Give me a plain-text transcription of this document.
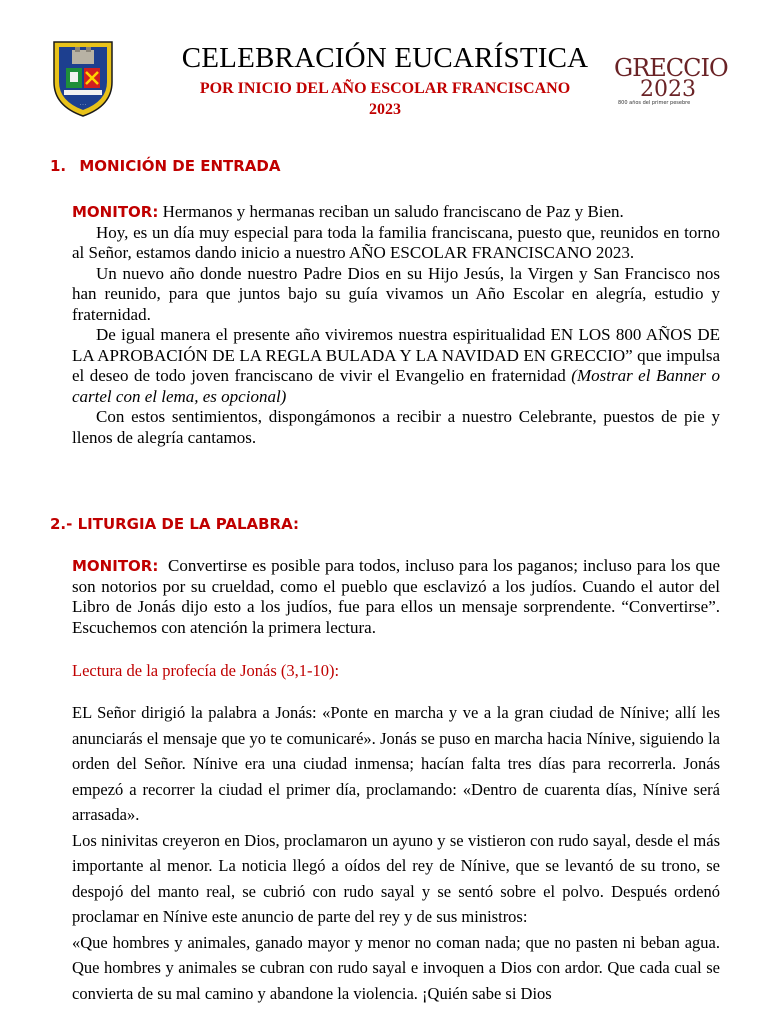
· · ·
CELEBRACIÓN EUCARÍSTICA
POR INICIO DEL AÑO ESCOLAR FRANCISCANO
2023
GRECCIO
2023
800 años del primer pesebre
1. MONICIÓN DE ENTRADA

MONITOR: Hermanos y hermanas reciban un saludo franciscano de Paz y Bien.

Hoy, es un día muy especial para toda la familia franciscana, puesto que, reunidos en torno al Señor, estamos dando inicio a nuestro AÑO ESCOLAR FRANCISCANO 2023.

Un nuevo año donde nuestro Padre Dios en su Hijo Jesús, la Virgen y San Francisco nos han reunido, para que juntos bajo su guía vivamos un Año Escolar en alegría, estudio y fraternidad.

De igual manera el presente año viviremos nuestra espiritualidad EN LOS 800 AÑOS DE LA APROBACIÓN DE LA REGLA BULADA Y LA NAVIDAD EN GRECCIO” que impulsa el deseo de todo joven franciscano de vivir el Evangelio en fraternidad (Mostrar el Banner o cartel con el lema, es opcional)

Con estos sentimientos, dispongámonos a recibir a nuestro Celebrante, puestos de pie y llenos de alegría cantamos.

2.- LITURGIA DE LA PALABRA:

MONITOR: Convertirse es posible para todos, incluso para los paganos; incluso para los que son notorios por su crueldad, como el pueblo que esclavizó a los judíos. Cuando el autor del Libro de Jonás dijo esto a los judíos, fue para ellos un mensaje sorprendente. “Convertirse”. Escuchemos con atención la primera lectura.

Lectura de la profecía de Jonás (3,1-10):

EL Señor dirigió la palabra a Jonás: «Ponte en marcha y ve a la gran ciudad de Nínive; allí les anunciarás el mensaje que yo te comunicaré». Jonás se puso en marcha hacia Nínive, siguiendo la orden del Señor. Nínive era una ciudad inmensa; hacían falta tres días para recorrerla. Jonás empezó a recorrer la ciudad el primer día, proclamando: «Dentro de cuarenta días, Nínive será arrasada».

Los ninivitas creyeron en Dios, proclamaron un ayuno y se vistieron con rudo sayal, desde el más importante al menor. La noticia llegó a oídos del rey de Nínive, que se levantó de su trono, se despojó del manto real, se cubrió con rudo sayal y se sentó sobre el polvo. Después ordenó proclamar en Nínive este anuncio de parte del rey y de sus ministros:

«Que hombres y animales, ganado mayor y menor no coman nada; que no pasten ni beban agua. Que hombres y animales se cubran con rudo sayal e invoquen a Dios con ardor. Que cada cual se convierta de su mal camino y abandone la violencia. ¡Quién sabe si Dios
